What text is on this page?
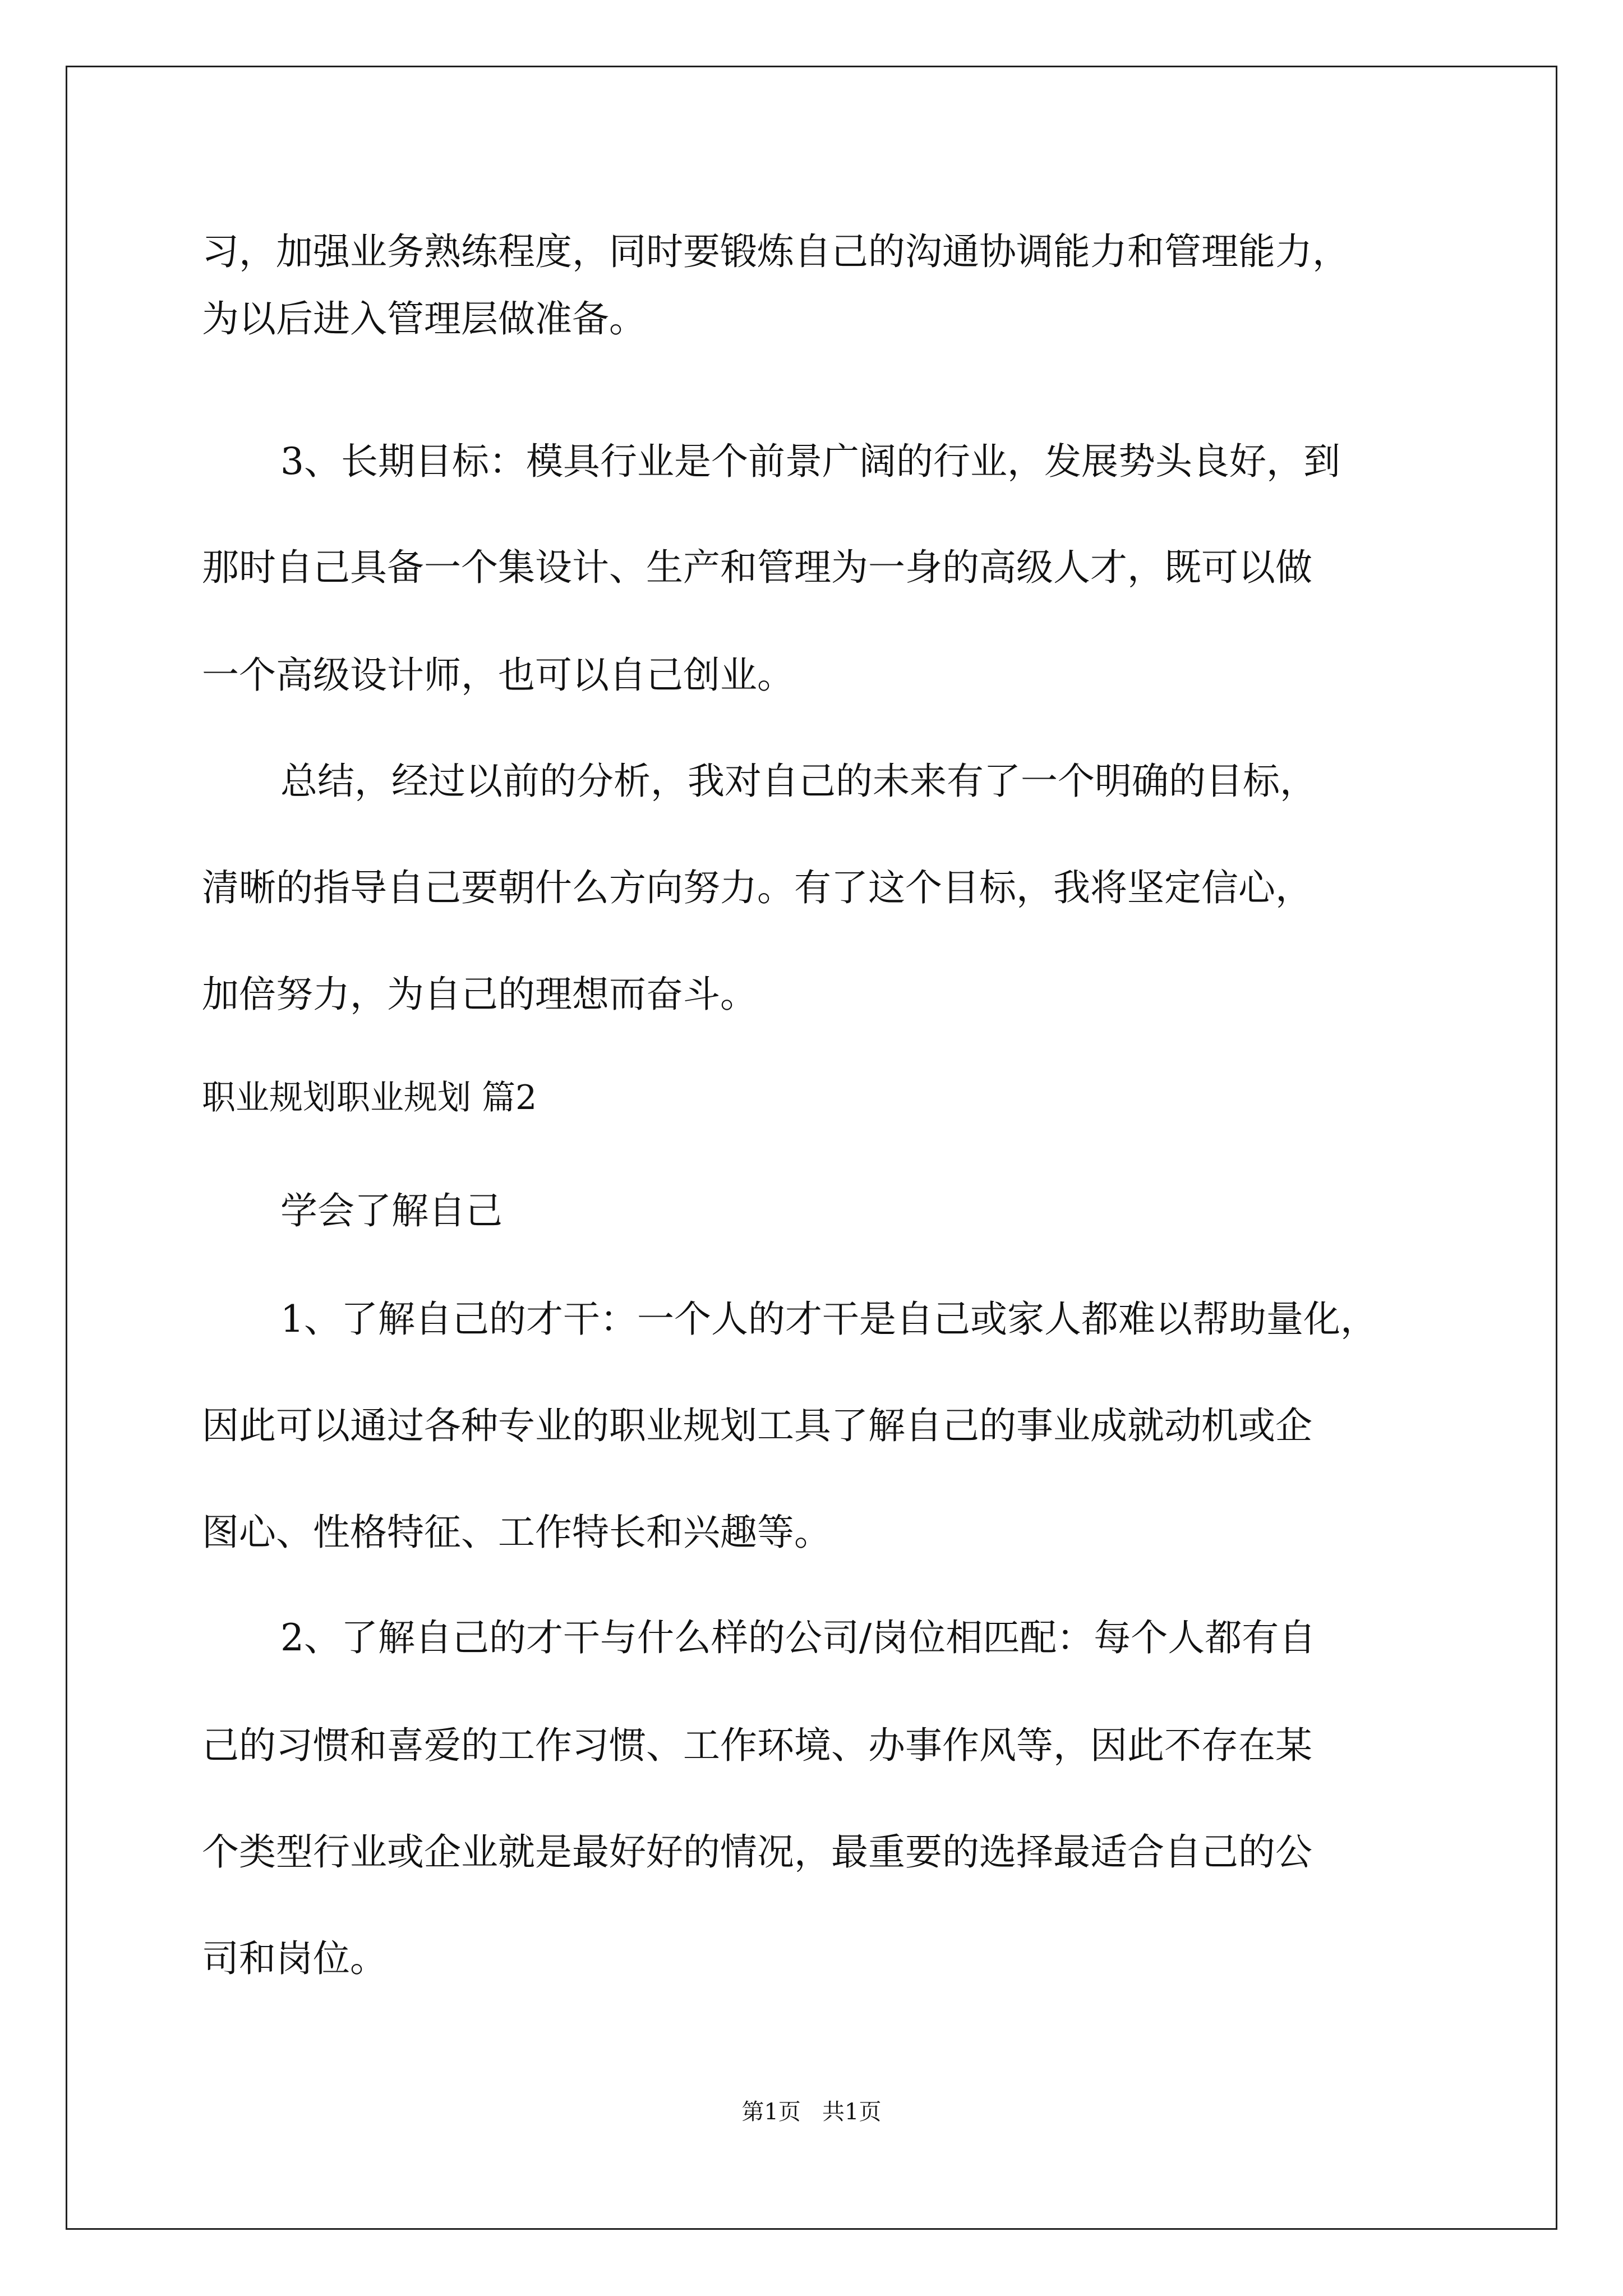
习，加强业务熟练程度，同时要锻炼自己的沟通协调能力和管理能力，
为以后进入管理层做准备。
3、长期目标：模具行业是个前景广阔的行业，发展势头良好，到
那时自己具备一个集设计、生产和管理为一身的高级人才，既可以做
一个高级设计师，也可以自己创业。
总结，经过以前的分析，我对自己的未来有了一个明确的目标，
清晰的指导自己要朝什么方向努力。有了这个目标，我将坚定信心，
加倍努力，为自己的理想而奋斗。
职业规划职业规划 篇2
学会了解自己
1、了解自己的才干：一个人的才干是自己或家人都难以帮助量化，
因此可以通过各种专业的职业规划工具了解自己的事业成就动机或企
图心、性格特征、工作特长和兴趣等。
2、了解自己的才干与什么样的公司/岗位相匹配：每个人都有自
己的习惯和喜爱的工作习惯、工作环境、办事作风等，因此不存在某
个类型行业或企业就是最好好的情况，最重要的选择最适合自己的公
司和岗位。
第1页   共1页
